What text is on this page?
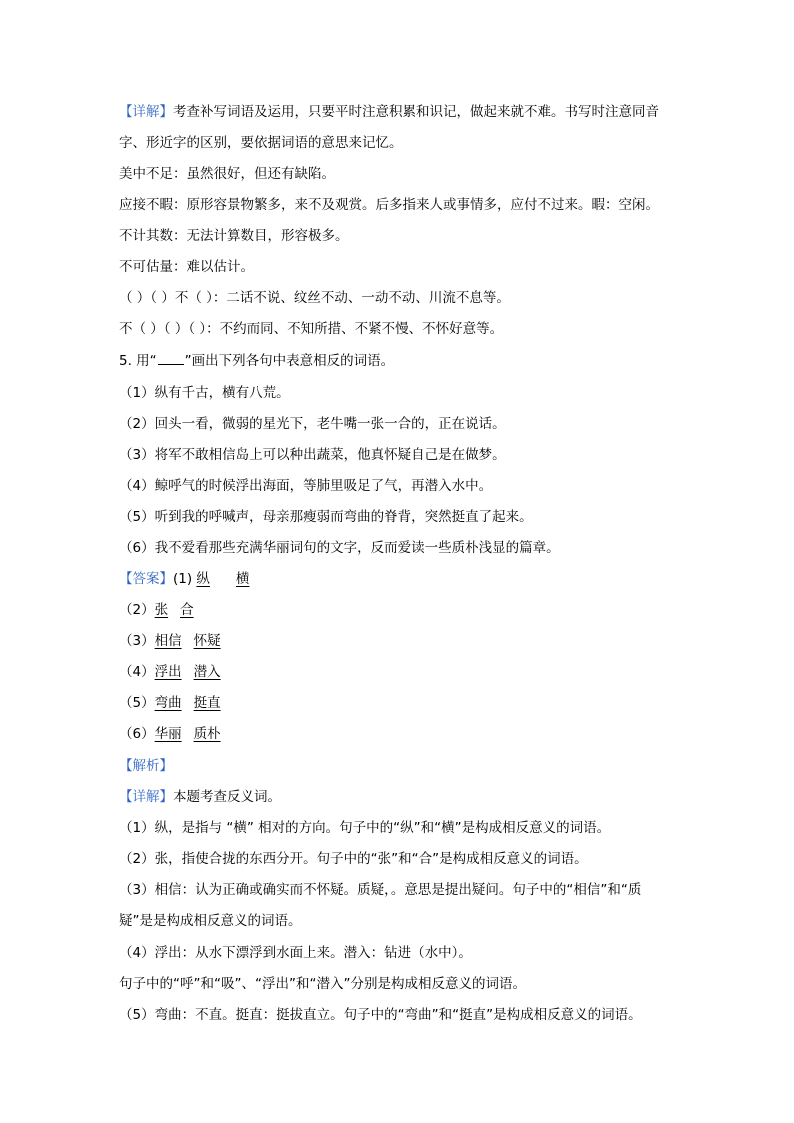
【详解】考查补写词语及运用，只要平时注意积累和识记，做起来就不难。书写时注意同音
字、形近字的区别，要依据词语的意思来记忆。
美中不足：虽然很好，但还有缺陷。
应接不暇：原形容景物繁多，来不及观赏。后多指来人或事情多，应付不过来。暇：空闲。
不计其数：无法计算数目，形容极多。
不可估量：难以估计。
（ ）（ ）不（ ）：二话不说、纹丝不动、一动不动、川流不息等。
不（ ）（ ）（ ）：不约而同、不知所措、不紧不慢、不怀好意等。
5. 用“ ”画出下列各句中表意相反的词语。
（1）纵有千古，横有八荒。
（2）回头一看，微弱的星光下，老牛嘴一张一合的，正在说话。
（3）将军不敢相信岛上可以种出蔬菜，他真怀疑自己是在做梦。
（4）鲸呼气的时候浮出海面，等肺里吸足了气，再潜入水中。
（5）听到我的呼喊声，母亲那瘦弱而弯曲的脊背，突然挺直了起来。
（6）我不爱看那些充满华丽词句的文字，反而爱读一些质朴浅显的篇章。
【答案】(1) 纵 横
（2）张 合
（3）相信 怀疑
（4）浮出 潜入
（5）弯曲 挺直
（6）华丽 质朴
【解析】
【详解】本题考查反义词。
（1）纵，是指与 “横” 相对的方向。句子中的“纵”和“横”是构成相反意义的词语。
（2）张，指使合拢的东西分开。句子中的“张”和“合”是构成相反意义的词语。
（3）相信：认为正确或确实而不怀疑。质疑，。意思是提出疑问。句子中的“相信”和“质
疑”是是构成相反意义的词语。
（4）浮出：从水下漂浮到水面上来。潜入：钻进（水中）。
句子中的“呼”和“吸”、“浮出”和“潜入”分别是构成相反意义的词语。
（5）弯曲：不直。挺直：挺拔直立。句子中的“弯曲”和“挺直”是构成相反意义的词语。
